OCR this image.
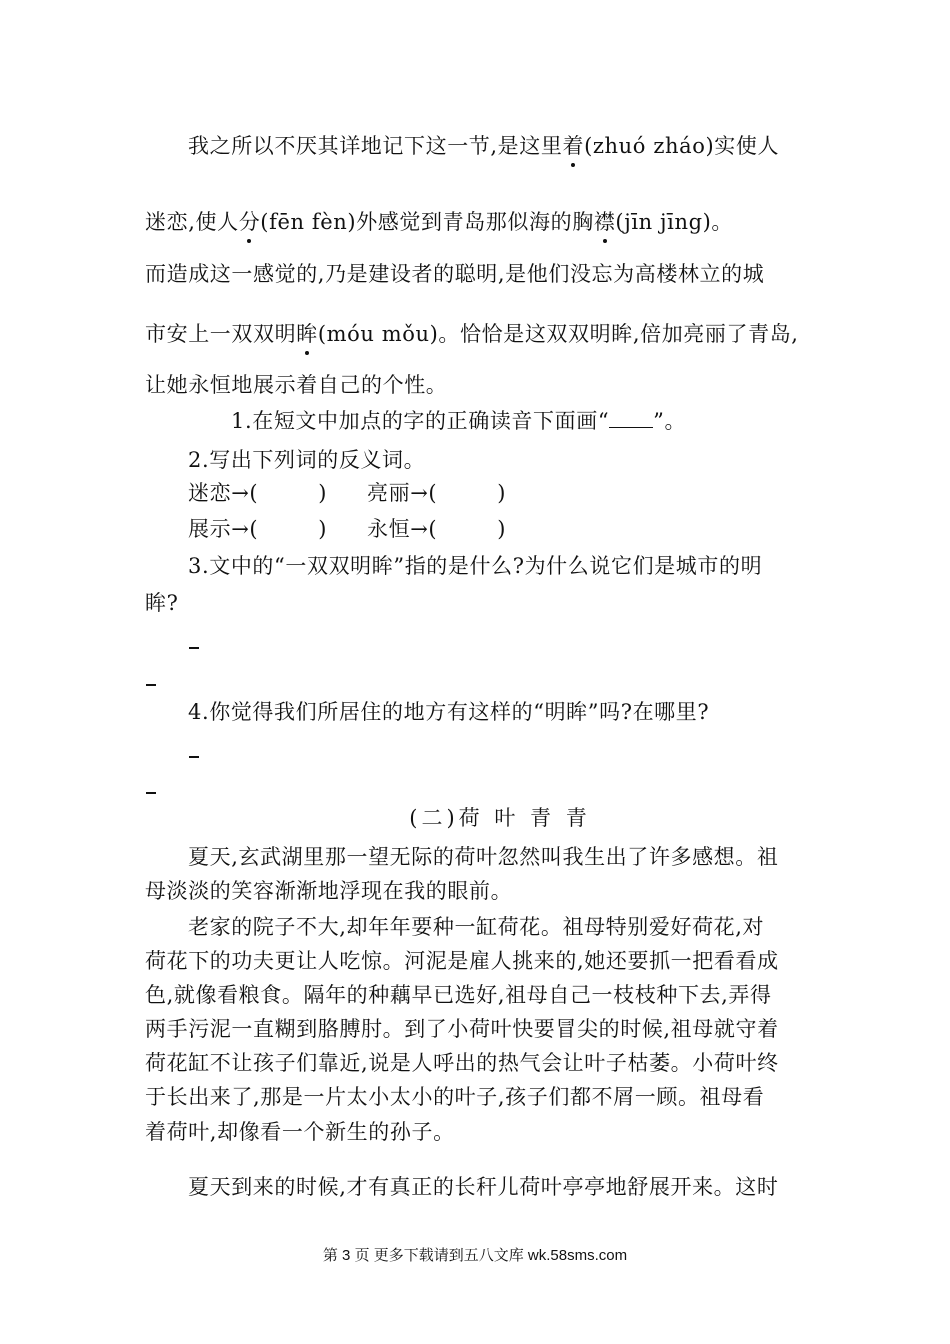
我之所以不厌其详地记下这一节,是这里着(zhuó zháo)实使人
迷恋,使人分(fēn fèn)外感觉到青岛那似海的胸襟(jīn jīng)。
而造成这一感觉的,乃是建设者的聪明,是他们没忘为高楼林立的城
市安上一双双明眸(móu mǒu)。恰恰是这双双明眸,倍加亮丽了青岛,
让她永恒地展示着自己的个性。
1.在短文中加点的字的正确读音下面画“ ”。
2.写出下列词的反义词。
迷恋→(	) 亮丽→(	)
展示→(	) 永恒→(	)
3.文中的“一双双明眸”指的是什么?为什么说它们是城市的明
眸?
4.你觉得我们所居住的地方有这样的“明眸”吗?在哪里?
(二)荷 叶 青 青
夏天,玄武湖里那一望无际的荷叶忽然叫我生出了许多感想。祖
母淡淡的笑容渐渐地浮现在我的眼前。
老家的院子不大,却年年要种一缸荷花。祖母特别爱好荷花,对
荷花下的功夫更让人吃惊。河泥是雇人挑来的,她还要抓一把看看成
色,就像看粮食。隔年的种藕早已选好,祖母自己一枝枝种下去,弄得
两手污泥一直糊到胳膊肘。到了小荷叶快要冒尖的时候,祖母就守着
荷花缸不让孩子们靠近,说是人呼出的热气会让叶子枯萎。小荷叶终
于长出来了,那是一片太小太小的叶子,孩子们都不屑一顾。祖母看
着荷叶,却像看一个新生的孙子。
夏天到来的时候,才有真正的长秆儿荷叶亭亭地舒展开来。这时
第 3 页 更多下载请到五八文库 wk.58sms.com
